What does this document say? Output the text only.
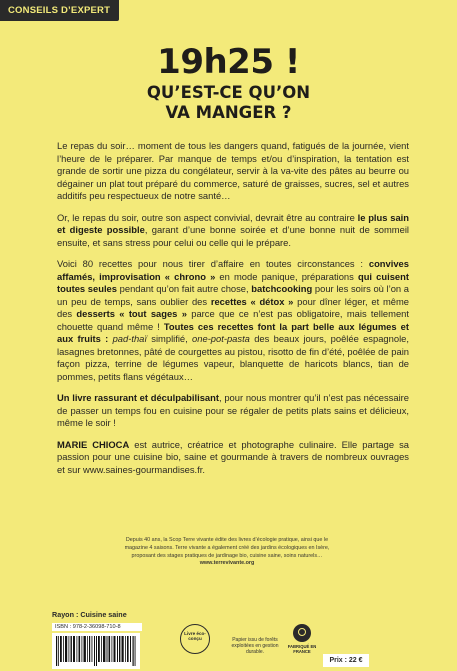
CONSEILS D’EXPERT
19h25 !
QU’EST-CE QU’ON
VA MANGER ?

Le repas du soir… moment de tous les dangers quand, fatigués de la journée, vient l’heure de le préparer. Par manque de temps et/ou d’inspiration, la tentation est grande de sortir une pizza du congélateur, servir à la va-vite des pâtes au beurre ou dégainer un plat tout préparé du commerce, saturé de graisses, sucres, sel et autres additifs peu respectueux de notre santé…

Or, le repas du soir, outre son aspect convivial, devrait être au contraire le plus sain et digeste possible, garant d’une bonne soirée et d’une bonne nuit de sommeil ensuite, et sans stress pour celui ou celle qui le prépare.

Voici 80 recettes pour nous tirer d’affaire en toutes circonstances : convives affamés, improvisation « chrono » en mode panique, préparations qui cuisent toutes seules pendant qu’on fait autre chose, batchcooking pour les soirs où l’on a un peu de temps, sans oublier des recettes « détox » pour dîner léger, et même des desserts « tout sages » parce que ce n’est pas obligatoire, mais tellement chouette quand même ! Toutes ces recettes font la part belle aux légumes et aux fruits : pad-thaï simplifié, one-pot-pasta des beaux jours, poêlée espagnole, lasagnes bretonnes, pâté de courgettes au pistou, risotto de fin d’été, poêlée de pain façon pizza, terrine de légumes vapeur, blanquette de haricots blancs, tian de pommes, petits flans végétaux…

Un livre rassurant et déculpabilisant, pour nous montrer qu’il n’est pas nécessaire de passer un temps fou en cuisine pour se régaler de petits plats sains et délicieux, même le soir !

MARIE CHIOCA est autrice, créatrice et photographe culinaire. Elle partage sa passion pour une cuisine bio, saine et gourmande à travers de nombreux ouvrages et sur www.saines-gourmandises.fr.

Depuis 40 ans, la Scop Terre vivante édite des livres d’écologie pratique, ainsi que le magazine 4 saisons. Terre vivante a également créé des jardins écologiques en Isère, proposant des stages pratiques de jardinage bio, cuisine saine, soins naturels…
www.terrevivante.org
Rayon : Cuisine saine
ISBN : 978-2-36098-710-8
Livre éco-conçu	Papier issu de forêts exploitées en gestion durable.
FABRIQUÉ EN FRANCE
Prix : 22 €
